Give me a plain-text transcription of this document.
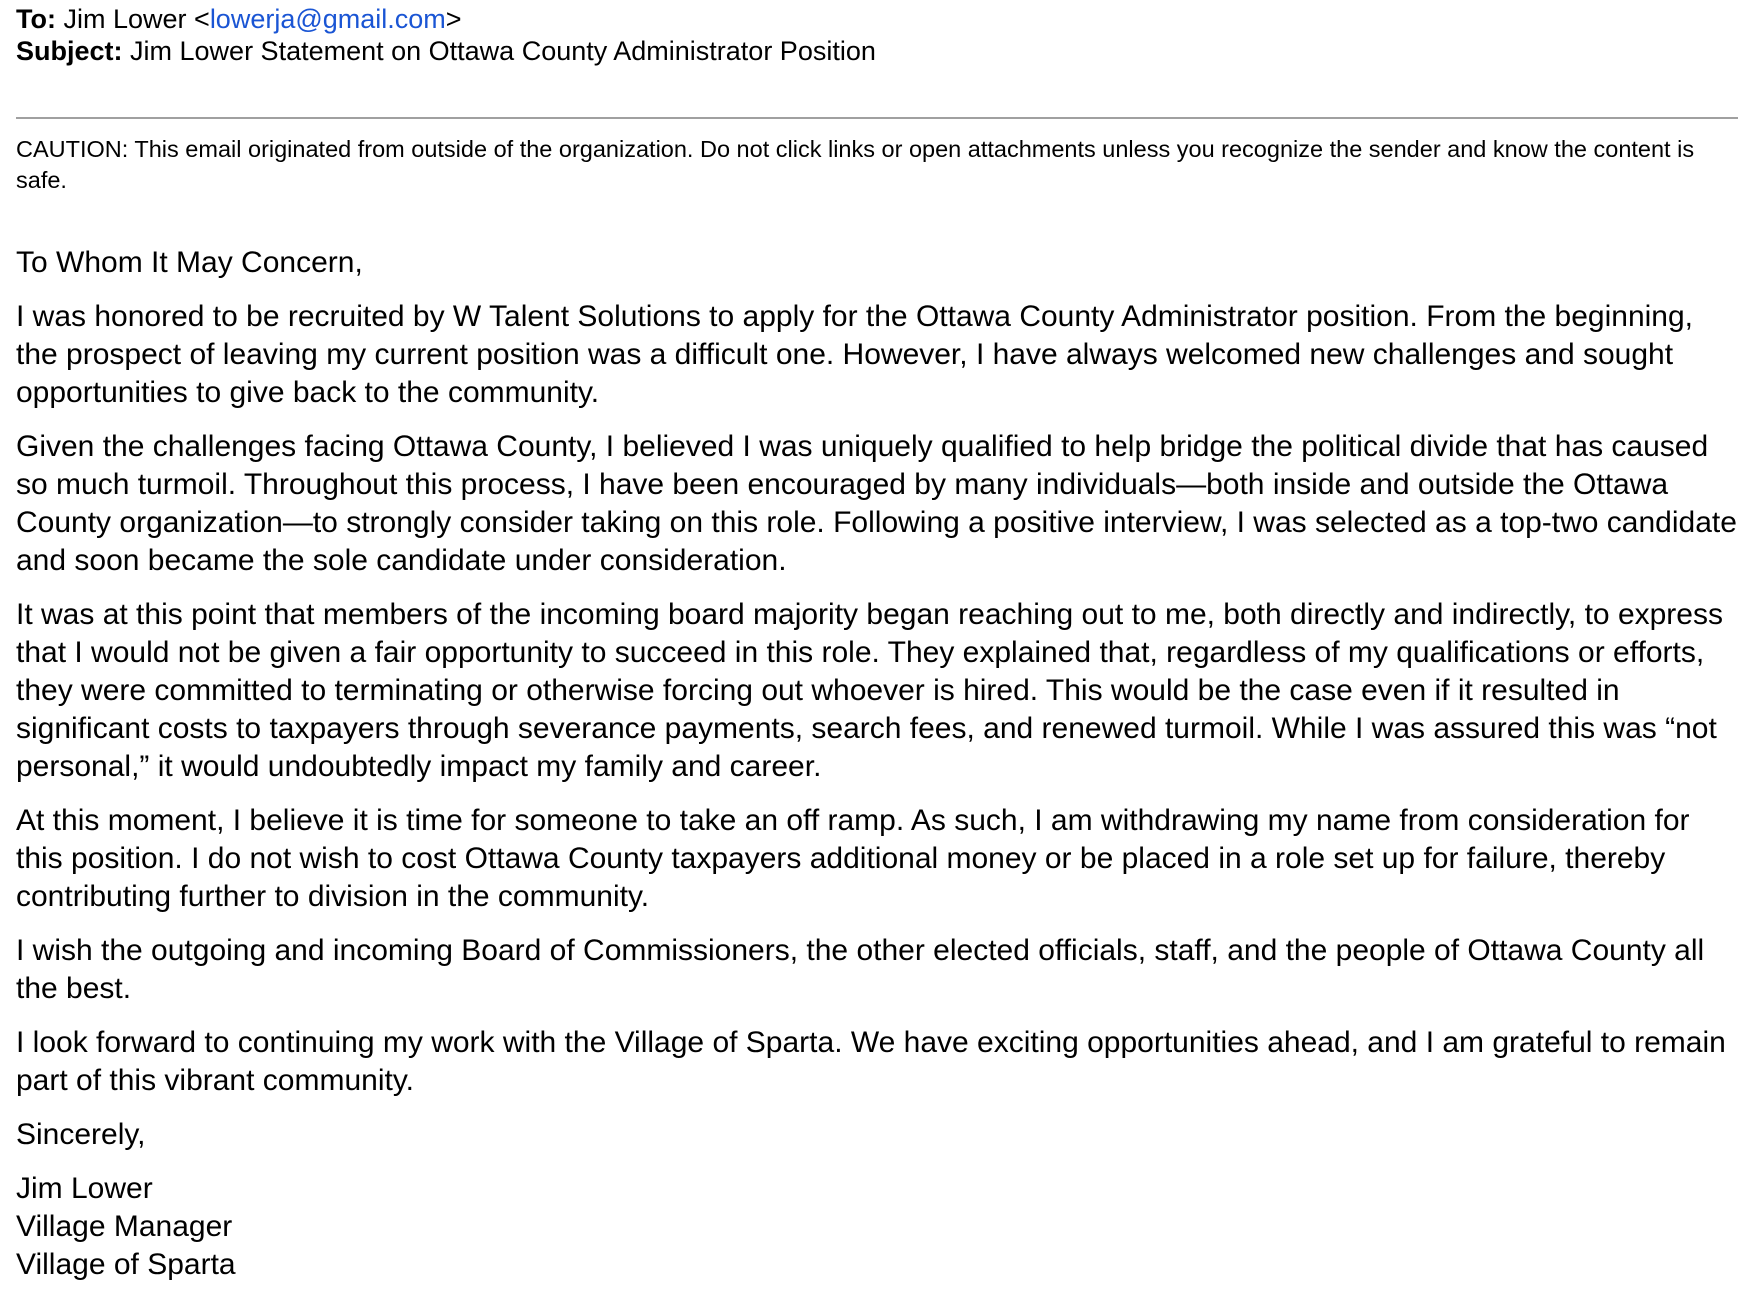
To: Jim Lower <lowerja@gmail.com>
Subject: Jim Lower Statement on Ottawa County Administrator Position
CAUTION: This email originated from outside of the organization. Do not click links or open attachments unless you recognize the sender and know the content is safe.

To Whom It May Concern,

I was honored to be recruited by W Talent Solutions to apply for the Ottawa County Administrator position. From the beginning, the prospect of leaving my current position was a difficult one. However, I have always welcomed new challenges and sought opportunities to give back to the community.

Given the challenges facing Ottawa County, I believed I was uniquely qualified to help bridge the political divide that has caused so much turmoil. Throughout this process, I have been encouraged by many individuals—both inside and outside the Ottawa County organization—to strongly consider taking on this role. Following a positive interview, I was selected as a top-two candidate and soon became the sole candidate under consideration.

It was at this point that members of the incoming board majority began reaching out to me, both directly and indirectly, to express that I would not be given a fair opportunity to succeed in this role. They explained that, regardless of my qualifications or efforts, they were committed to terminating or otherwise forcing out whoever is hired. This would be the case even if it resulted in significant costs to taxpayers through severance payments, search fees, and renewed turmoil. While I was assured this was “not personal,” it would undoubtedly impact my family and career.

At this moment, I believe it is time for someone to take an off ramp. As such, I am withdrawing my name from consideration for this position. I do not wish to cost Ottawa County taxpayers additional money or be placed in a role set up for failure, thereby contributing further to division in the community.

I wish the outgoing and incoming Board of Commissioners, the other elected officials, staff, and the people of Ottawa County all the best.

I look forward to continuing my work with the Village of Sparta. We have exciting opportunities ahead, and I am grateful to remain part of this vibrant community.

Sincerely,

Jim Lower
Village Manager
Village of Sparta
